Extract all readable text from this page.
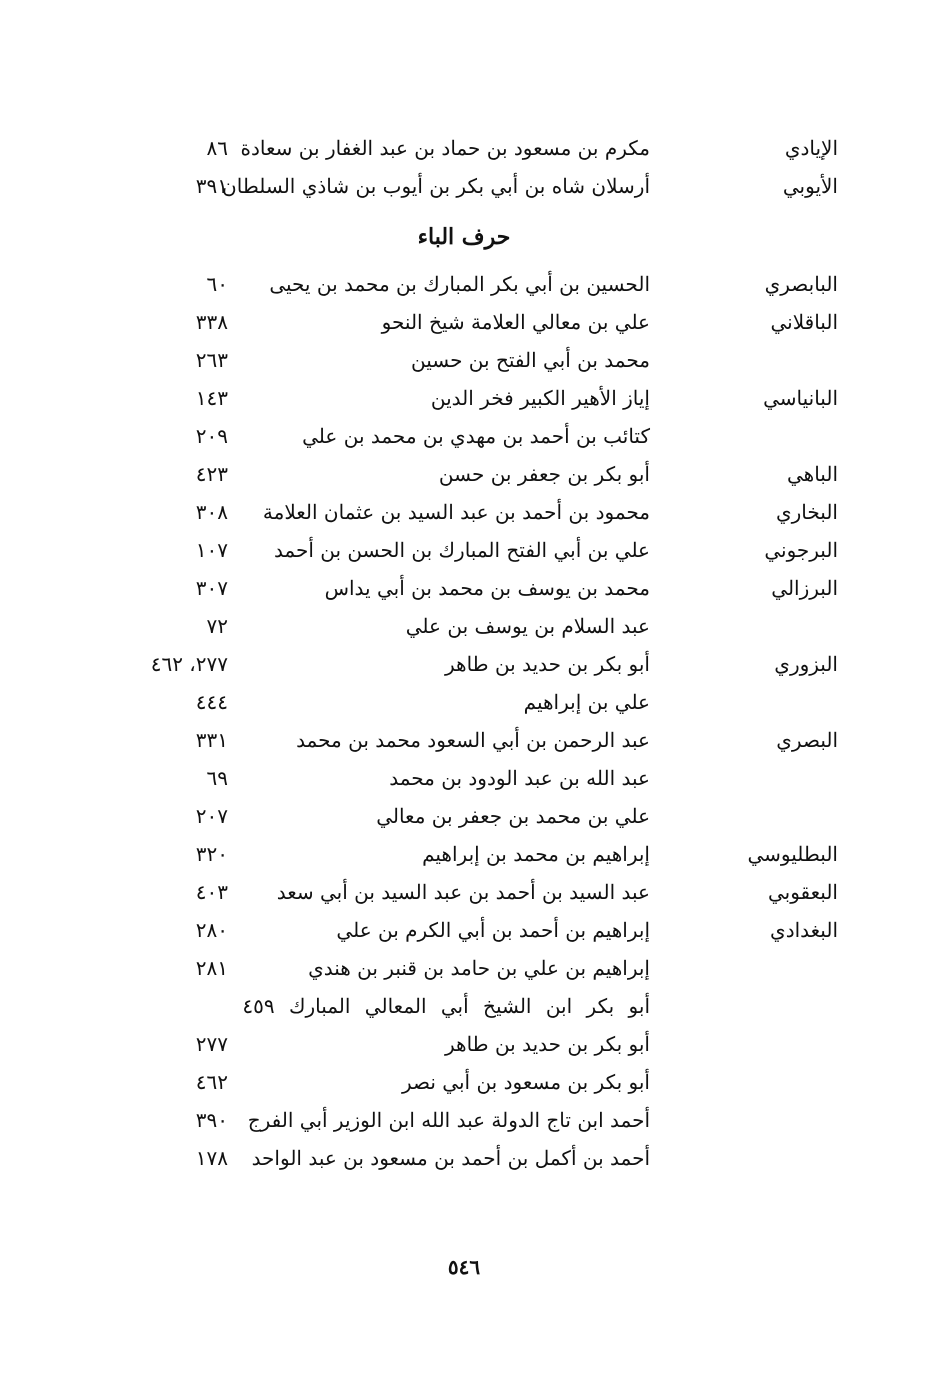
الإيادي
مكرم بن مسعود بن حماد بن عبد الغفار بن سعادة
٨٦
الأيوبي
أرسلان شاه بن أبي بكر بن أيوب بن شاذي السلطان
٣٩١
حرف الباء
البابصري
الحسين بن أبي بكر المبارك بن محمد بن يحيى
٦٠
الباقلاني
علي بن معالي العلامة شيخ النحو
٣٣٨
محمد بن أبي الفتح بن حسين
٢٦٣
البانياسي
إياز الأهير الكبير فخر الدين
١٤٣
كتائب بن أحمد بن مهدي بن محمد بن علي
٢٠٩
الباهي
أبو بكر بن جعفر بن حسن
٤٢٣
البخاري
محمود بن أحمد بن عبد السيد بن عثمان العلامة
٣٠٨
البرجوني
علي بن أبي الفتح المبارك بن الحسن بن أحمد
١٠٧
البرزالي
محمد بن يوسف بن محمد بن أبي يداس
٣٠٧
عبد السلام بن يوسف بن علي
٧٢
البزوري
أبو بكر بن حديد بن طاهر
٢٧٧، ٤٦٢
علي بن إبراهيم
٤٤٤
البصري
عبد الرحمن بن أبي السعود محمد بن محمد
٣٣١
عبد الله بن عبد الودود بن محمد
٦٩
علي بن محمد بن جعفر بن معالي
٢٠٧
البطليوسي
إبراهيم بن محمد بن إبراهيم
٣٢٠
البعقوبي
عبد السيد بن أحمد بن عبد السيد بن أبي سعد
٤٠٣
البغدادي
إبراهيم بن أحمد بن أبي الكرم بن علي
٢٨٠
إبراهيم بن علي بن حامد بن قنبر بن هندي
٢٨١
أبو بكر ابن الشيخ أبي المعالي المبارك ٤٥٩
أبو بكر بن حديد بن طاهر
٢٧٧
أبو بكر بن مسعود بن أبي نصر
٤٦٢
أحمد ابن تاج الدولة عبد الله ابن الوزير أبي الفرج
٣٩٠
أحمد بن أكمل بن أحمد بن مسعود بن عبد الواحد
١٧٨
٥٤٦
